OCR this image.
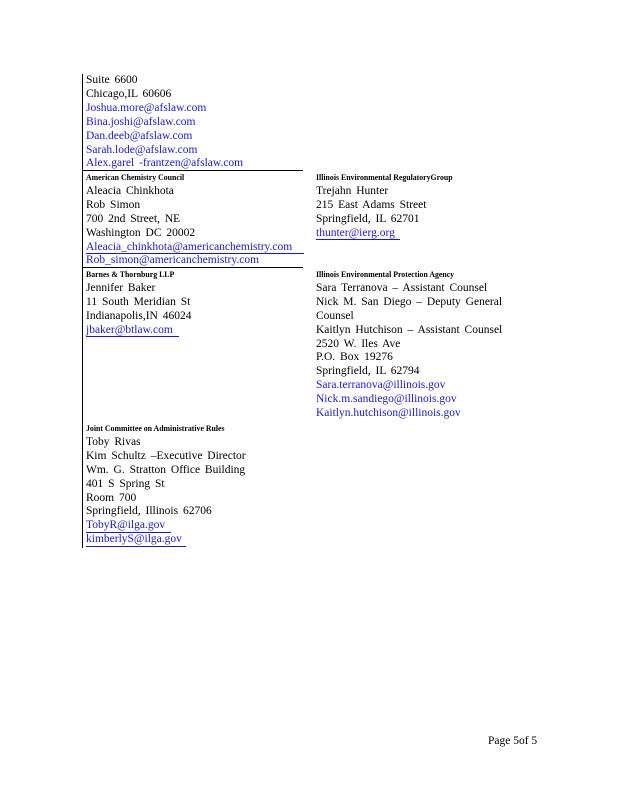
Suite 6600
Chicago,IL 60606
Joshua.more@afslaw.com
Bina.joshi@afslaw.com
Dan.deeb@afslaw.com
Sarah.lode@afslaw.com
Alex.garel -frantzen@afslaw.com
American Chemistry Council
Aleacia Chinkhota
Rob Simon
700 2nd Street, NE
Washington DC 20002
Aleacia_chinkhota@americanchemistry.com
Rob_simon@americanchemistry.com
Illinois Environmental RegulatoryGroup
Trejahn Hunter
215 East Adams Street
Springfield, IL 62701
thunter@ierg.org
Barnes & Thornburg LLP
Jennifer Baker
11 South Meridian St
Indianapolis,IN 46024
jbaker@btlaw.com
Illinois Environmental Protection Agency
Sara Terranova – Assistant Counsel
Nick M. San Diego – Deputy General
Counsel
Kaitlyn Hutchison – Assistant Counsel
2520 W. Iles Ave
P.O. Box 19276
Springfield, IL 62794
Sara.terranova@illinois.gov
Nick.m.sandiego@illinois.gov
Kaitlyn.hutchison@illinois.gov
Joint Committee on Administrative Rules
Toby Rivas
Kim Schultz –Executive Director
Wm. G. Stratton Office Building
401 S Spring St
Room 700
Springfield, Illinois 62706
TobyR@ilga.gov
kimberlyS@ilga.gov
Page 5of 5
